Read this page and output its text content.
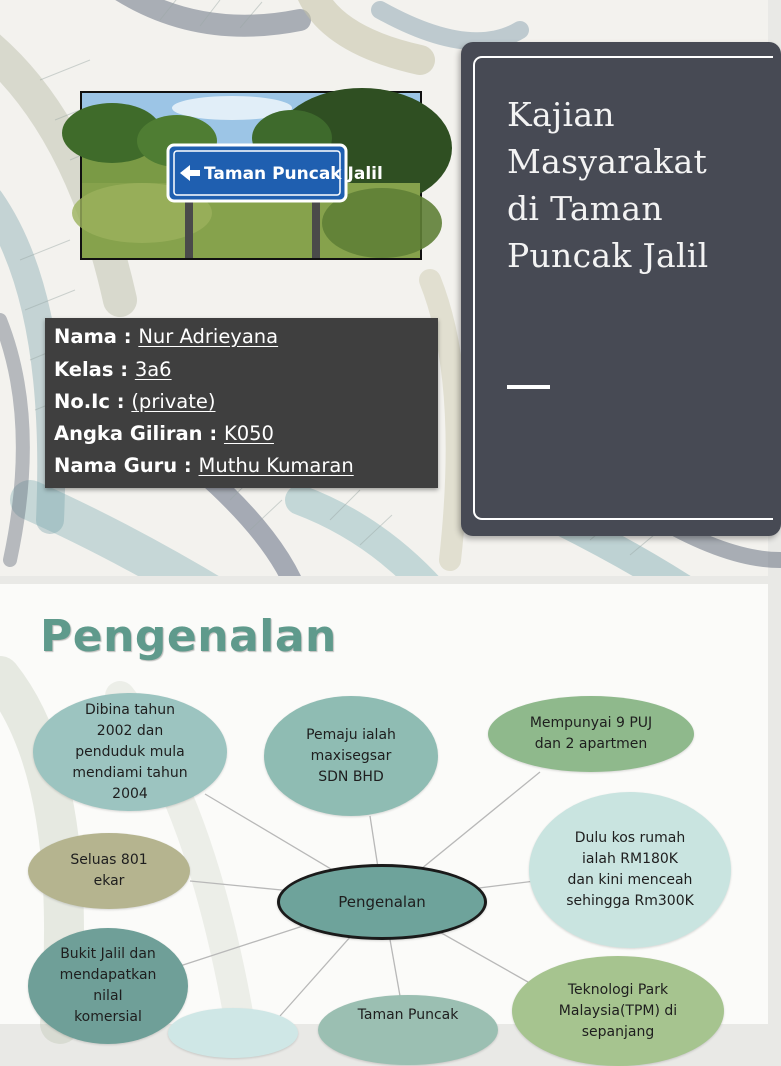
Taman Puncak Jalil
Nama : Nur Adrieyana
Kelas : 3a6
No.Ic : (private)
Angka Giliran : K050
Nama Guru : Muthu Kumaran
Kajian
Masyarakat
di Taman
Puncak Jalil
Pengenalan
Dibina tahun
2002 dan
penduduk mula
mendiami tahun
2004
Pemaju ialah
maxisegsar
SDN BHD
Mempunyai 9 PUJ
dan 2 apartmen
Seluas 801
ekar
Dulu kos rumah
ialah RM180K
dan kini menceah
sehingga Rm300K
Bukit Jalil dan
mendapatkan
nilaI
komersial
Teknologi Park
Malaysia(TPM) di
sepanjang
Taman Puncak
Pengenalan
